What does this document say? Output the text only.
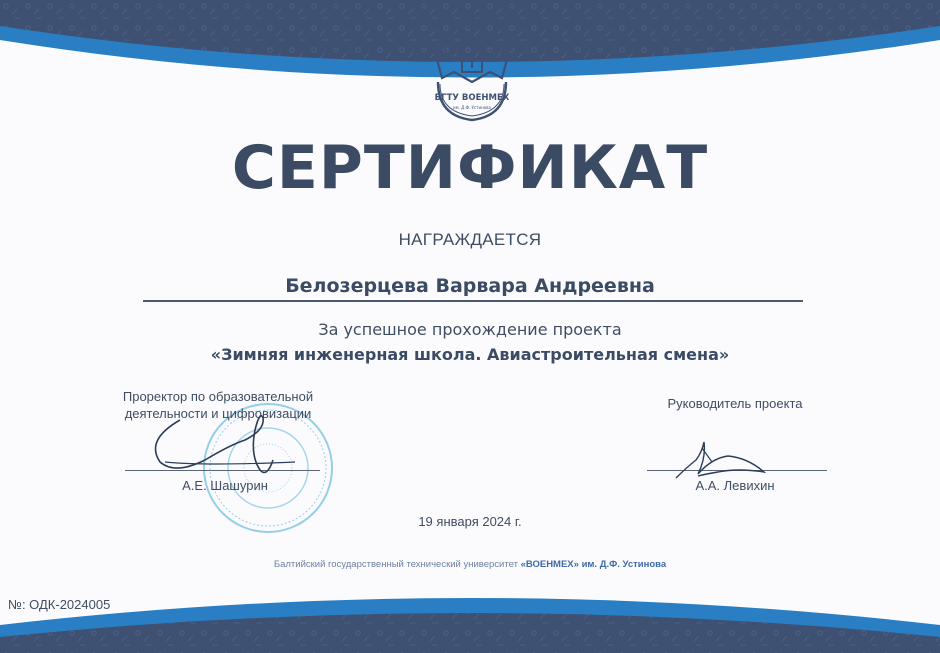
БГТУ ВОЕНМЕХ
им. Д.Ф. Устинова
СЕРТИФИКАТ
НАГРАЖДАЕТСЯ
Белозерцева Варвара Андреевна
За успешное прохождение проекта
«Зимняя инженерная школа. Авиастроительная смена»
Проректор по образовательной
деятельности и цифровизации
Руководитель проекта
А.Е. Шашурин	А.А. Левихин
19 января 2024 г.
Балтийский государственный технический университет «ВОЕНМЕХ» им. Д.Ф. Устинова
№: ОДК-2024005
